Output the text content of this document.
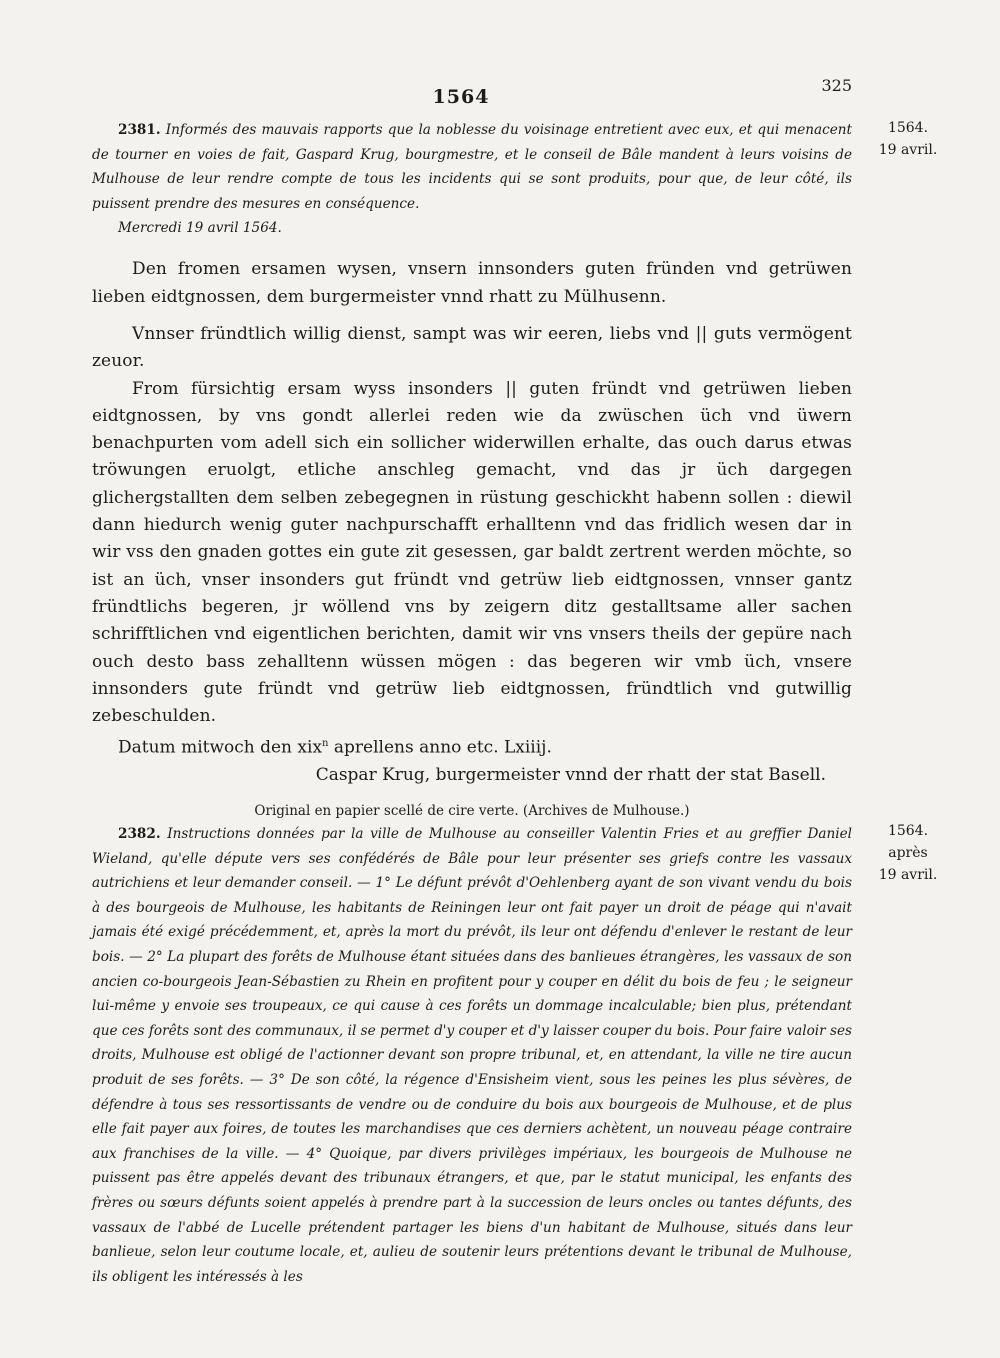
1564
325
1564.
19 avril.
2381. Informés des mauvais rapports que la noblesse du voisinage entretient avec eux, et qui menacent de tourner en voies de fait, Gaspard Krug, bourgmestre, et le conseil de Bâle mandent à leurs voisins de Mulhouse de leur rendre compte de tous les incidents qui se sont produits, pour que, de leur côté, ils puissent prendre des mesures en conséquence.
Mercredi 19 avril 1564.

Den fromen ersamen wysen, vnsern innsonders guten fründen vnd getrüwen lieben eidtgnossen, dem burgermeister vnnd rhatt zu Mülhusenn.

Vnnser fründtlich willig dienst, sampt was wir eeren, liebs vnd || guts vermögent zeuor.

From fürsichtig ersam wyss insonders || guten fründt vnd getrüwen lieben eidtgnossen, by vns gondt allerlei reden wie da zwüschen üch vnd üwern benachpurten vom adell sich ein sollicher widerwillen erhalte, das ouch darus etwas tröwungen eruolgt, etliche anschleg gemacht, vnd das jr üch dargegen glichergstallten dem selben zebegegnen in rüstung geschickht habenn sollen : diewil dann hiedurch wenig guter nachpurschafft erhalltenn vnd das fridlich wesen dar in wir vss den gnaden gottes ein gute zit gesessen, gar baldt zertrent werden möchte, so ist an üch, vnser insonders gut fründt vnd getrüw lieb eidtgnossen, vnnser gantz fründtlichs begeren, jr wöllend vns by zeigern ditz gestalltsame aller sachen schrifftlichen vnd eigentlichen berichten, damit wir vns vnsers theils der gepüre nach ouch desto bass zehalltenn wüssen mögen : das begeren wir vmb üch, vnsere innsonders gute fründt vnd getrüw lieb eidtgnossen, fründtlich vnd gutwillig zebeschulden.

Datum mitwoch den xix$^n$ aprellens anno etc. Lxiiij.

Caspar Krug, burgermeister vnnd der rhatt der stat Basell.

Original en papier scellé de cire verte. (Archives de Mulhouse.)

1564.
après
19 avril.
2382. Instructions données par la ville de Mulhouse au conseiller Valentin Fries et au greffier Daniel Wieland, qu'elle députe vers ses confédérés de Bâle pour leur présenter ses griefs contre les vassaux autrichiens et leur demander conseil. — 1° Le défunt prévôt d'Oehlenberg ayant de son vivant vendu du bois à des bourgeois de Mulhouse, les habitants de Reiningen leur ont fait payer un droit de péage qui n'avait jamais été exigé précédemment, et, après la mort du prévôt, ils leur ont défendu d'enlever le restant de leur bois. — 2° La plupart des forêts de Mulhouse étant situées dans des banlieues étrangères, les vassaux de son ancien co-bourgeois Jean-Sébastien zu Rhein en profitent pour y couper en délit du bois de feu ; le seigneur lui-même y envoie ses troupeaux, ce qui cause à ces forêts un dommage incalculable; bien plus, prétendant que ces forêts sont des communaux, il se permet d'y couper et d'y laisser couper du bois. Pour faire valoir ses droits, Mulhouse est obligé de l'actionner devant son propre tribunal, et, en attendant, la ville ne tire aucun produit de ses forêts. — 3° De son côté, la régence d'Ensisheim vient, sous les peines les plus sévères, de défendre à tous ses ressortissants de vendre ou de conduire du bois aux bourgeois de Mulhouse, et de plus elle fait payer aux foires, de toutes les marchandises que ces derniers achètent, un nouveau péage contraire aux franchises de la ville. — 4° Quoique, par divers privilèges impériaux, les bourgeois de Mulhouse ne puissent pas être appelés devant des tribunaux étrangers, et que, par le statut municipal, les enfants des frères ou sœurs défunts soient appelés à prendre part à la succession de leurs oncles ou tantes défunts, des vassaux de l'abbé de Lucelle prétendent partager les biens d'un habitant de Mulhouse, situés dans leur banlieue, selon leur coutume locale, et, aulieu de soutenir leurs prétentions devant le tribunal de Mulhouse, ils obligent les intéressés à les
